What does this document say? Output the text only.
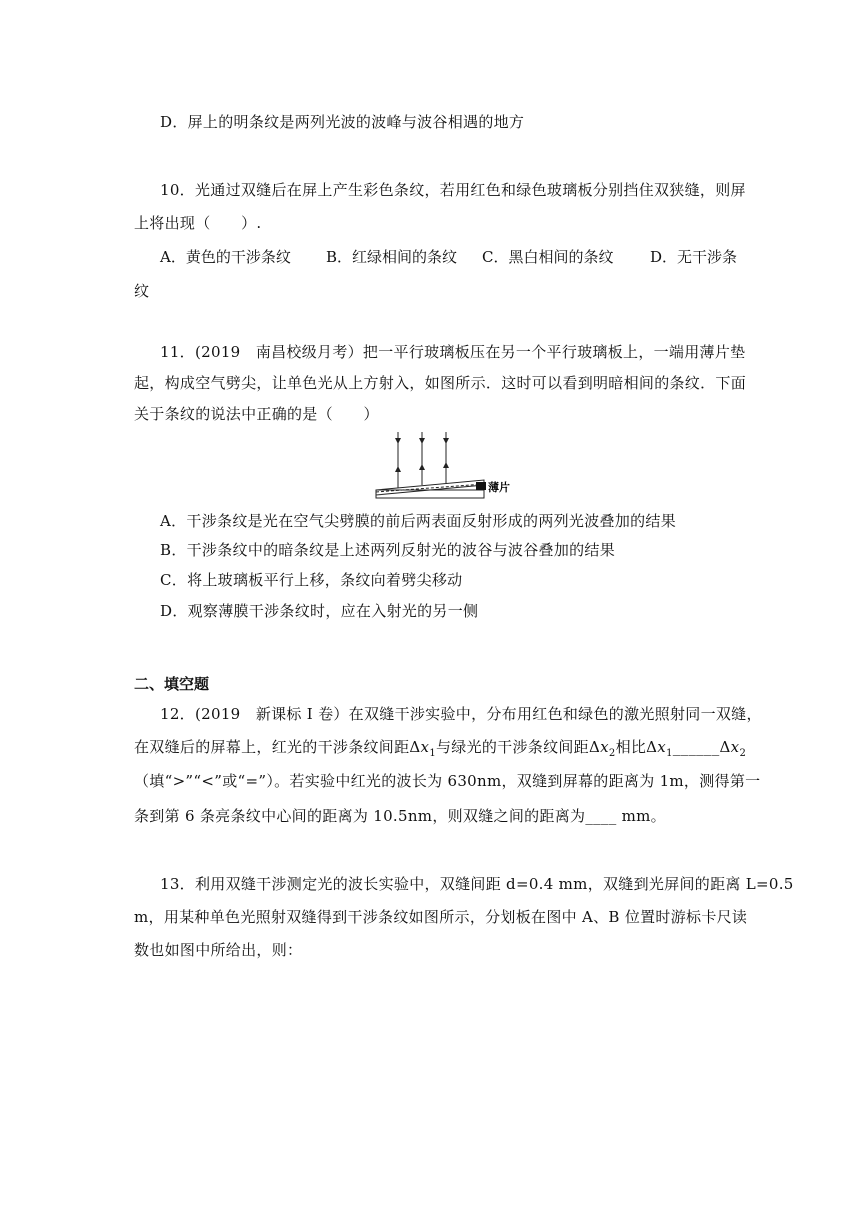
D．屏上的明条纹是两列光波的波峰与波谷相遇的地方
10．光通过双缝后在屏上产生彩色条纹，若用红色和绿色玻璃板分别挡住双狭缝，则屏
上将出现（　　）.
A．黄色的干涉条纹 B．红绿相间的条纹 C．黑白相间的条纹 D．无干涉条
纹
11．(2019　南昌校级月考）把一平行玻璃板压在另一个平行玻璃板上，一端用薄片垫
起，构成空气劈尖，让单色光从上方射入，如图所示．这时可以看到明暗相间的条纹．下面
关于条纹的说法中正确的是（　　）
薄片
A．干涉条纹是光在空气尖劈膜的前后两表面反射形成的两列光波叠加的结果
B．干涉条纹中的暗条纹是上述两列反射光的波谷与波谷叠加的结果
C．将上玻璃板平行上移，条纹向着劈尖移动
D．观察薄膜干涉条纹时，应在入射光的另一侧
二、填空题
12．(2019　新课标 I 卷）在双缝干涉实验中，分布用红色和绿色的激光照射同一双缝，
在双缝后的屏幕上，红光的干涉条纹间距$\Delta x_1$与绿光的干涉条纹间距$\Delta x_2$相比$\Delta x_1\_\_\_\_\_\_\Delta x_2$
（填“>”“<”或“=”）。若实验中红光的波长为 630nm，双缝到屏幕的距离为 1m，测得第一
条到第 6 条亮条纹中心间的距离为 10.5nm，则双缝之间的距离为____ mm。
13．利用双缝干涉测定光的波长实验中，双缝间距 d=0.4 mm，双缝到光屏间的距离 L=0.5
m，用某种单色光照射双缝得到干涉条纹如图所示，分划板在图中 A、B 位置时游标卡尺读
数也如图中所给出，则：
